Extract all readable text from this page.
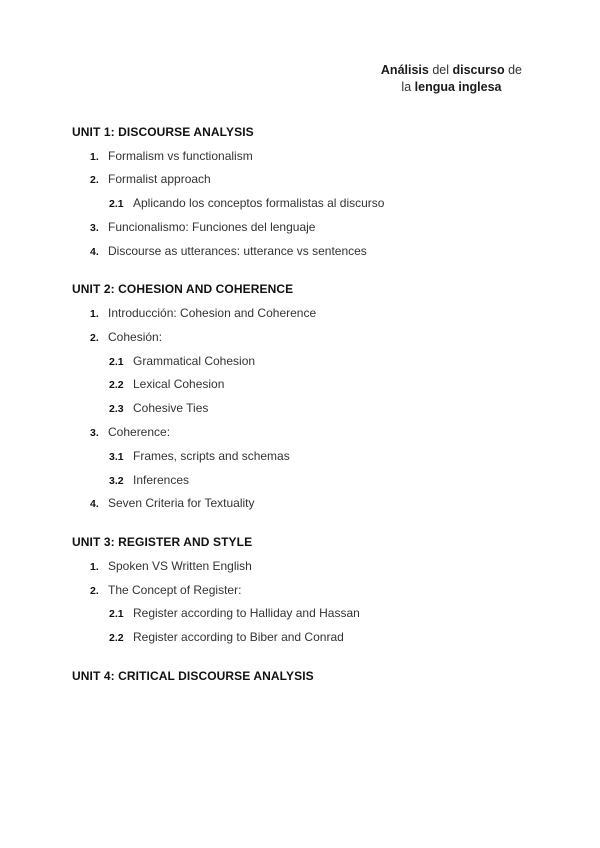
Análisis del discurso de
la lengua inglesa
UNIT 1: DISCOURSE ANALYSIS
1. Formalism vs functionalism
2. Formalist approach
2.1 Aplicando los conceptos formalistas al discurso
3. Funcionalismo: Funciones del lenguaje
4. Discourse as utterances: utterance vs sentences
UNIT 2: COHESION AND COHERENCE
1. Introducción: Cohesion and Coherence
2. Cohesión:
2.1 Grammatical Cohesion
2.2 Lexical Cohesion
2.3 Cohesive Ties
3. Coherence:
3.1 Frames, scripts and schemas
3.2 Inferences
4. Seven Criteria for Textuality
UNIT 3: REGISTER AND STYLE
1. Spoken VS Written English
2. The Concept of Register:
2.1 Register according to Halliday and Hassan
2.2 Register according to Biber and Conrad
UNIT 4: CRITICAL DISCOURSE ANALYSIS
